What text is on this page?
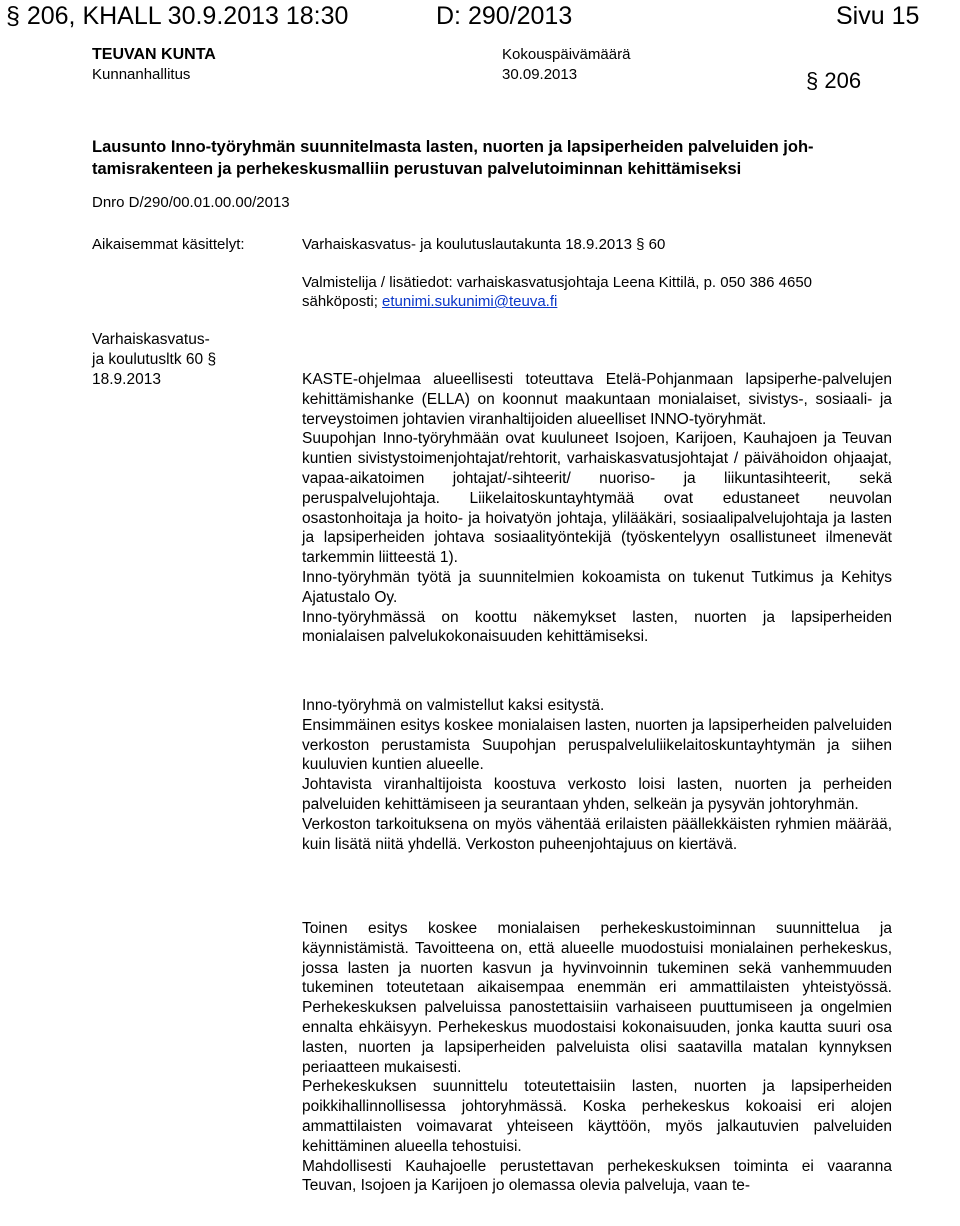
§ 206, KHALL 30.9.2013 18:30	D: 290/2013	Sivu 15
TEUVAN KUNTA
Kunnanhallitus
Kokouspäivämäärä
30.09.2013	§ 206
Lausunto Inno-työryhmän suunnitelmasta lasten, nuorten ja lapsiperheiden palveluiden joh-
tamisrakenteen ja perhekeskusmalliin perustuvan palvelutoiminnan kehittämiseksi
Dnro D/290/00.01.00.00/2013
Aikaisemmat käsittelyt:	Varhaiskasvatus- ja koulutuslautakunta 18.9.2013 § 60
Valmistelija / lisätiedot: varhaiskasvatusjohtaja Leena Kittilä, p. 050 386 4650
sähköposti; etunimi.sukunimi@teuva.fi
Varhaiskasvatus-
ja koulutusltk 60 §
18.9.2013	KASTE-ohjelmaa alueellisesti toteuttava Etelä-Pohjanmaan lapsiperhe-palvelujen kehittämishanke (ELLA) on koonnut maakuntaan monialaiset, sivistys-, sosiaali- ja terveystoimen johtavien viranhaltijoiden alueelliset INNO-työryhmät.

Suupohjan Inno-työryhmään ovat kuuluneet Isojoen, Karijoen, Kauhajoen ja Teuvan kuntien sivistystoimenjohtajat/rehtorit, varhaiskasvatusjohtajat / päivähoidon ohjaajat, vapaa-aikatoimen johtajat/-sihteerit/ nuoriso- ja liikuntasihteerit, sekä peruspalvelujohtaja. Liikelaitoskuntayhtymää ovat edustaneet neuvolan osastonhoitaja ja hoito- ja hoivatyön johtaja, ylilääkäri, sosiaalipalvelujohtaja ja lasten ja lapsiperheiden johtava sosiaalityöntekijä (työskentelyyn osallistuneet ilmenevät tarkemmin liitteestä 1).

Inno-työryhmän työtä ja suunnitelmien kokoamista on tukenut Tutkimus ja Kehitys Ajatustalo Oy.

Inno-työryhmässä on koottu näkemykset lasten, nuorten ja lapsiperheiden monialaisen palvelukokonaisuuden kehittämiseksi.

Inno-työryhmä on valmistellut kaksi esitystä.

Ensimmäinen esitys koskee monialaisen lasten, nuorten ja lapsiperheiden palveluiden verkoston perustamista Suupohjan peruspalveluliikelaitoskuntayhtymän ja siihen kuuluvien kuntien alueelle.

Johtavista viranhaltijoista koostuva verkosto loisi lasten, nuorten ja perheiden palveluiden kehittämiseen ja seurantaan yhden, selkeän ja pysyvän johtoryhmän.

Verkoston tarkoituksena on myös vähentää erilaisten päällekkäisten ryhmien määrää, kuin lisätä niitä yhdellä. Verkoston puheenjohtajuus on kiertävä.

Toinen esitys koskee monialaisen perhekeskustoiminnan suunnittelua ja käynnistämistä. Tavoitteena on, että alueelle muodostuisi monialainen perhekeskus, jossa lasten ja nuorten kasvun ja hyvinvoinnin tukeminen sekä vanhemmuuden tukeminen toteutetaan aikaisempaa enemmän eri ammattilaisten yhteistyössä. Perhekeskuksen palveluissa panostettaisiin varhaiseen puuttumiseen ja ongelmien ennalta ehkäisyyn. Perhekeskus muodostaisi kokonaisuuden, jonka kautta suuri osa lasten, nuorten ja lapsiperheiden palveluista olisi saatavilla matalan kynnyksen periaatteen mukaisesti.

Perhekeskuksen suunnittelu toteutettaisiin lasten, nuorten ja lapsiperheiden poikkihallinnollisessa johtoryhmässä. Koska perhekeskus kokoaisi eri alojen ammattilaisten voimavarat yhteiseen käyttöön, myös jalkautuvien palveluiden kehittäminen alueella tehostuisi.

Mahdollisesti Kauhajoelle perustettavan perhekeskuksen toiminta ei vaaranna Teuvan, Isojoen ja Karijoen jo olemassa olevia palveluja, vaan te-
